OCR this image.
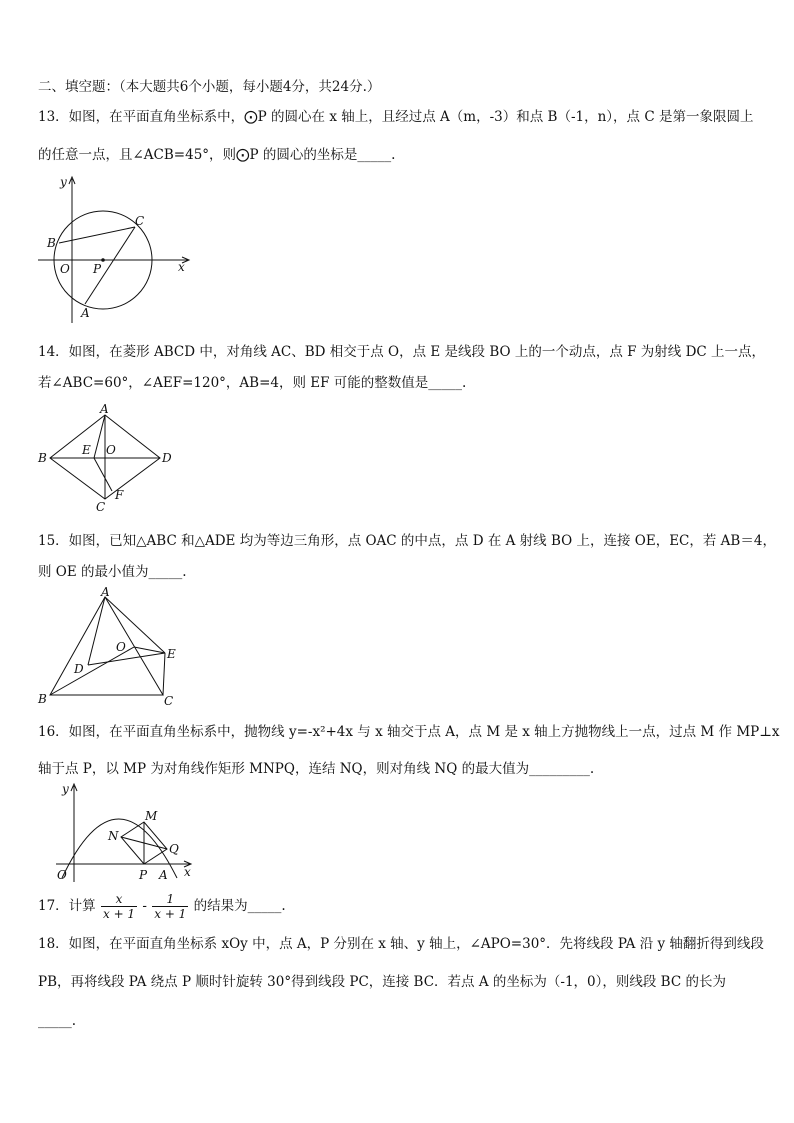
二、填空题：（本大题共6个小题，每小题4分，共24分.）
13．如图，在平面直角坐标系中，⨀P 的圆心在 x 轴上，且经过点 A（m，-3）和点 B（-1，n），点 C 是第一象限圆上
的任意一点，且∠ACB=45°，则⨀P 的圆心的坐标是_____.
y
x
O P
B
C
A
14．如图，在菱形 ABCD 中，对角线 AC、BD 相交于点 O，点 E 是线段 BO 上的一个动点，点 F 为射线 DC 上一点，
若∠ABC=60°，∠AEF=120°，AB=4，则 EF 可能的整数值是_____.
A
B	D
C
E O
F
15．如图，已知△ABC 和△ADE 均为等边三角形，点 OAC 的中点，点 D 在 A 射线 BO 上，连接 OE，EC，若 AB＝4，
则 OE 的最小值为_____.
A
B	C
D
E
O
16．如图，在平面直角坐标系中，抛物线 y=-x²+4x 与 x 轴交于点 A，点 M 是 x 轴上方抛物线上一点，过点 M 作 MP⊥x
轴于点 P，以 MP 为对角线作矩形 MNPQ，连结 NQ，则对角线 NQ 的最大值为_________.
y
x
O	P A
M
N
Q
17．计算 $\frac{x}{x + 1} - \frac{1}{x + 1}$ 的结果为_____.
18．如图，在平面直角坐标系 xOy 中，点 A，P 分别在 x 轴、y 轴上，∠APO=30°．先将线段 PA 沿 y 轴翻折得到线段
PB，再将线段 PA 绕点 P 顺时针旋转 30°得到线段 PC，连接 BC．若点 A 的坐标为（-1，0），则线段 BC 的长为
_____.
